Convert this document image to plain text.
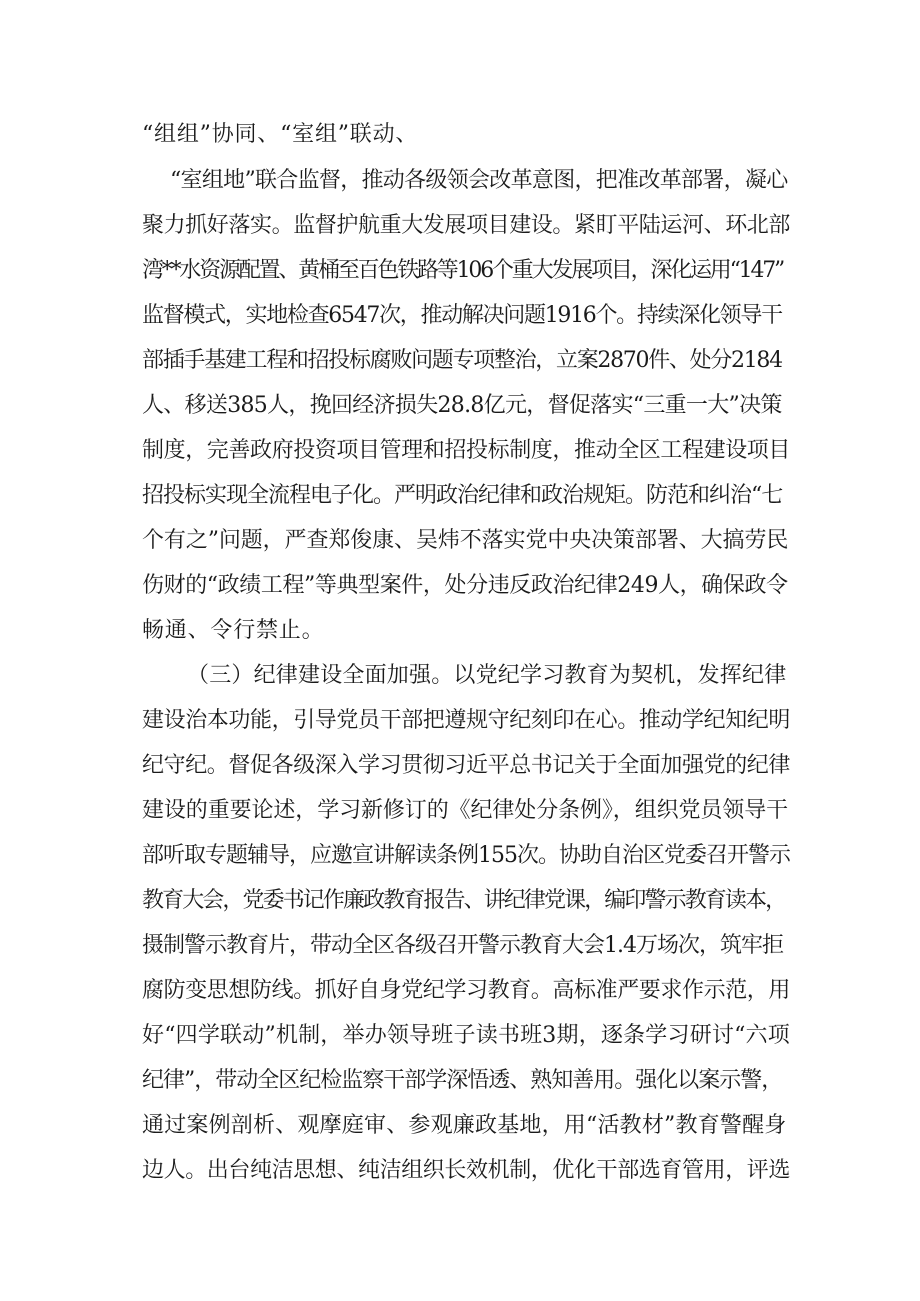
“组组”协同、“室组”联动、

“室组地”联合监督，推动各级领会改革意图，把准改革部署，凝心

聚力抓好落实。监督护航重大发展项目建设。紧盯平陆运河、环北部

湾**水资源配置、黄桶至百色铁路等106个重大发展项目，深化运用“147”

监督模式，实地检查6547次，推动解决问题1916个。持续深化领导干

部插手基建工程和招投标腐败问题专项整治，立案2870件、处分2184

人、移送385人，挽回经济损失28.8亿元，督促落实“三重一大”决策

制度，完善政府投资项目管理和招投标制度，推动全区工程建设项目

招投标实现全流程电子化。严明政治纪律和政治规矩。防范和纠治“七

个有之”问题，严查郑俊康、吴炜不落实党中央决策部署、大搞劳民

伤财的“政绩工程”等典型案件，处分违反政治纪律249人，确保政令

畅通、令行禁止。

（三）纪律建设全面加强。以党纪学习教育为契机，发挥纪律

建设治本功能，引导党员干部把遵规守纪刻印在心。推动学纪知纪明

纪守纪。督促各级深入学习贯彻习近平总书记关于全面加强党的纪律

建设的重要论述，学习新修订的《纪律处分条例》，组织党员领导干

部听取专题辅导，应邀宣讲解读条例155次。协助自治区党委召开警示

教育大会，党委书记作廉政教育报告、讲纪律党课，编印警示教育读本，

摄制警示教育片，带动全区各级召开警示教育大会1.4万场次，筑牢拒

腐防变思想防线。抓好自身党纪学习教育。高标准严要求作示范，用

好“四学联动”机制，举办领导班子读书班3期，逐条学习研讨“六项

纪律”，带动全区纪检监察干部学深悟透、熟知善用。强化以案示警，

通过案例剖析、观摩庭审、参观廉政基地，用“活教材”教育警醒身

边人。出台纯洁思想、纯洁组织长效机制，优化干部选育管用，评选
